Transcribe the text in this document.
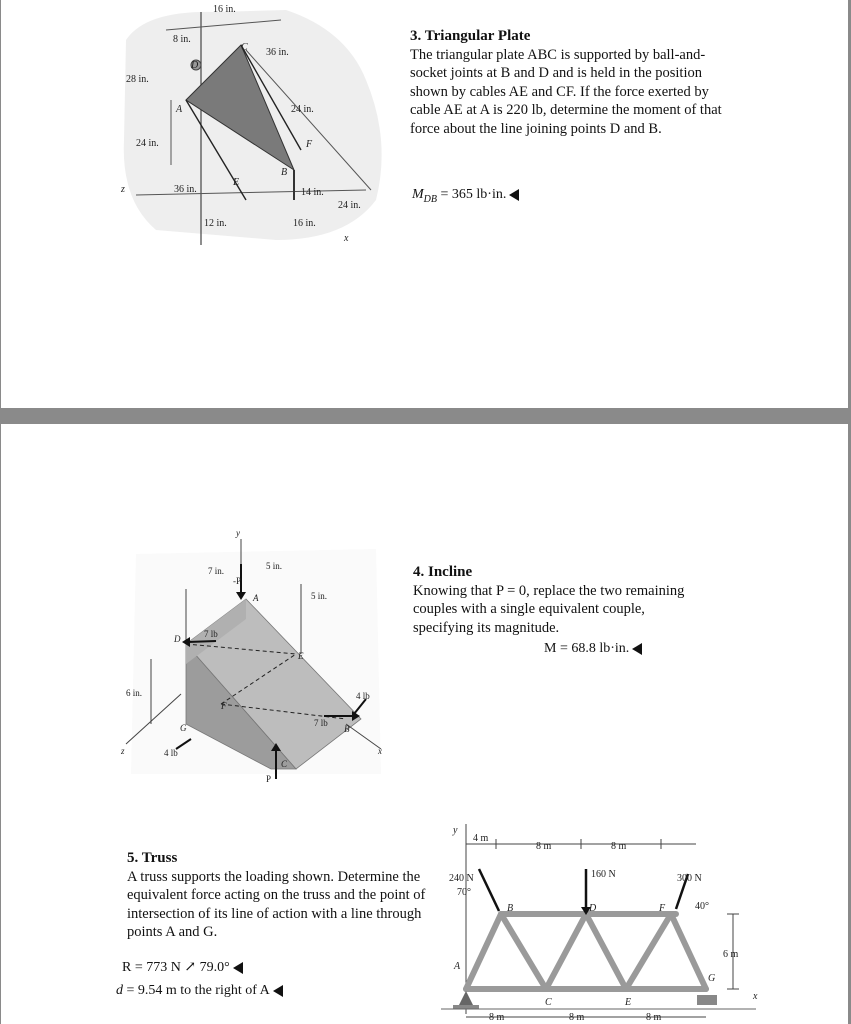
16 in.
8 in.
36 in.
28 in.
24 in.
24 in.
36 in.	14 in.
24 in.
12 in.	16 in.
A
B
C
D
E
F
z
x
3. Triangular Plate
The triangular plate ABC is supported by ball-and-socket joints at B and D and is held in the position shown by cables AE and CF. If the force exerted by cable AE at A is 220 lb, determine the moment of that force about the line joining points D and B.
$M_{DB} = 365$ lb·in.
7 in.	5 in.
5 in.
6 in.
7 lb
4 lb
4 lb
7 lb
-P
P
A
B
C
D
E
F
G
y
z	x
4. Incline
Knowing that P = 0, replace the two remaining couples with a single equivalent couple,
specifying its magnitude.
M = 68.8 lb·in.
5. Truss
A truss supports the loading shown. Determine the equivalent force acting on the truss and the point of intersection of its line of action with a line through points A and G.
R = 773 N ↗ 79.0°
d = 9.54 m to the right of A
4 m
8 m	8 m
8 m	8 m	8 m
6 m
240 N
70°
160 N	300 N
40°
A
B
C
D
E
F
G
y
x
